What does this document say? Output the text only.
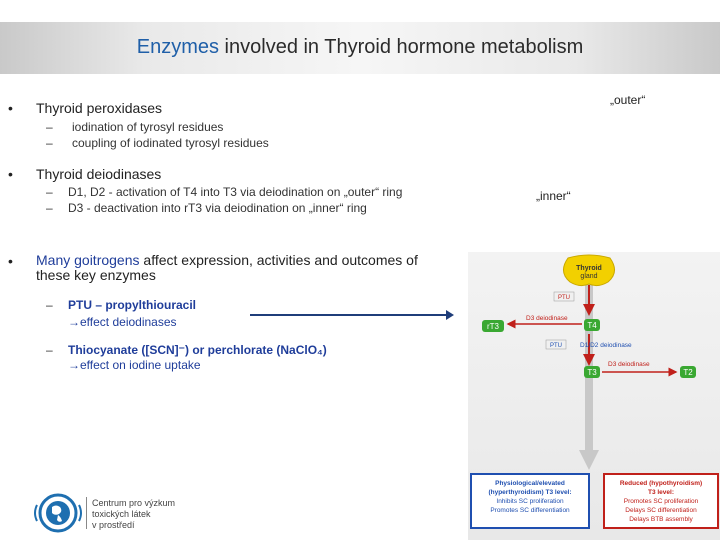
Enzymes involved in Thyroid hormone metabolism
• Thyroid peroxidases
– iodination of tyrosyl residues
– coupling of iodinated tyrosyl residues
• Thyroid deiodinases
– D1, D2 - activation of T4 into T3 via deiodination on „outer“ ring
– D3 - deactivation into rT3 via deiodination on „inner“ ring
• Many goitrogens affect expression, activities and outcomes of these key enzymes
– PTU – propylthiouracil
→effect deiodinases
– Thiocyanate ([SCN]⁻) or perchlorate (NaClO₄)
→effect on iodine uptake
„outer“
„inner“
Thyroid
PTU
T4
rT3
D3 deiodinase
PTU	D1/D2 deiodinase
T3
D3 deiodinase
T2
Physiological/elevated
(hyperthyroidism) T3 level:
Inhibits SC proliferation
Promotes SC differentiation
Reduced (hypothyroidism)
T3 level:
Promotes SC proliferation
Delays SC differentiation
Delays BTB assembly
gland
Centrum pro výzkum
toxických látek
v prostředí
